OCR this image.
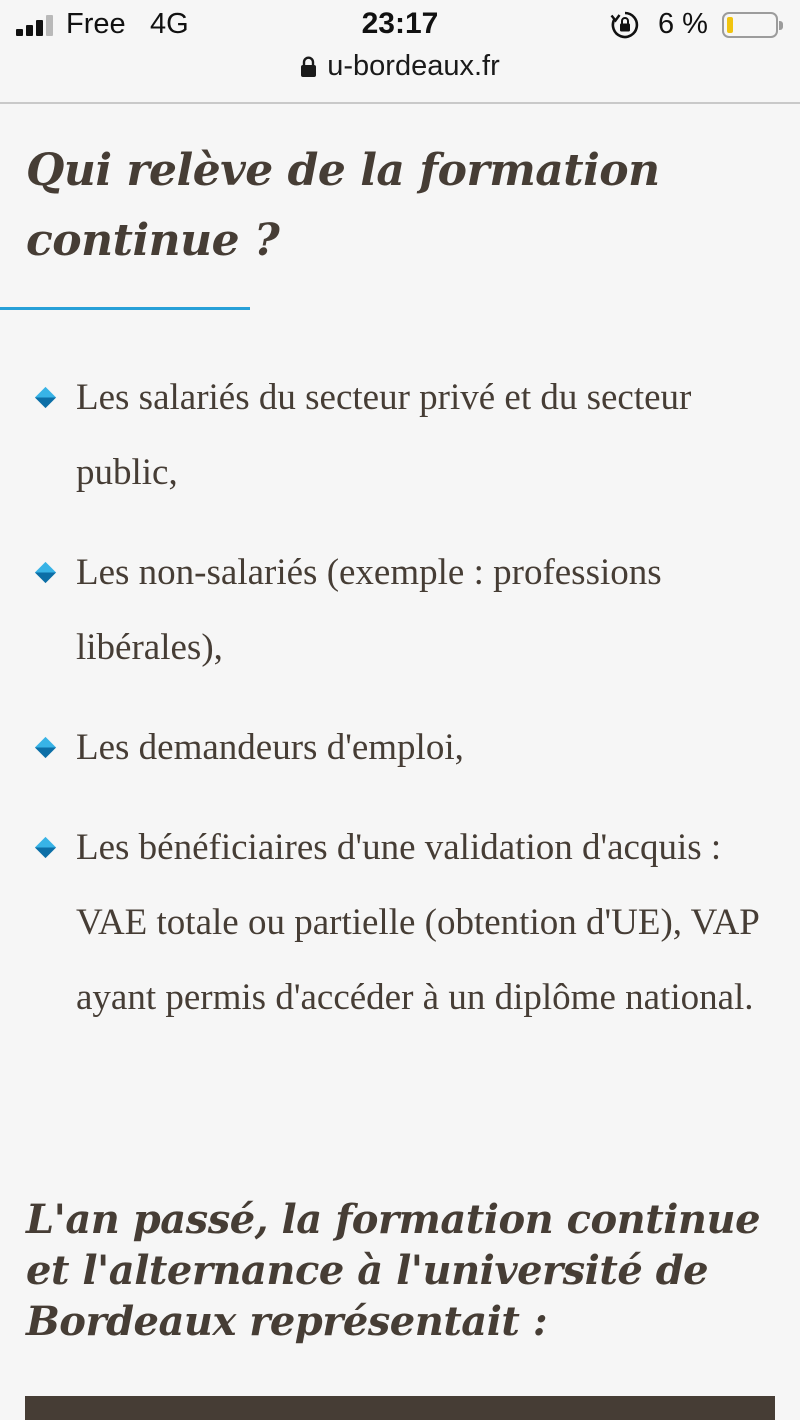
Free 4G	23:17	6 %
u-bordeaux.fr
Qui relève de la formation continue ?
Les salariés du secteur privé et du secteur public,
Les non-salariés (exemple : professions libérales),
Les demandeurs d'emploi,
Les bénéficiaires d'une validation d'acquis : VAE totale ou partielle (obtention d'UE), VAP ayant permis d'accéder à un diplôme national.
L'an passé, la formation continue et l'alternance à l'université de Bordeaux représentait :
